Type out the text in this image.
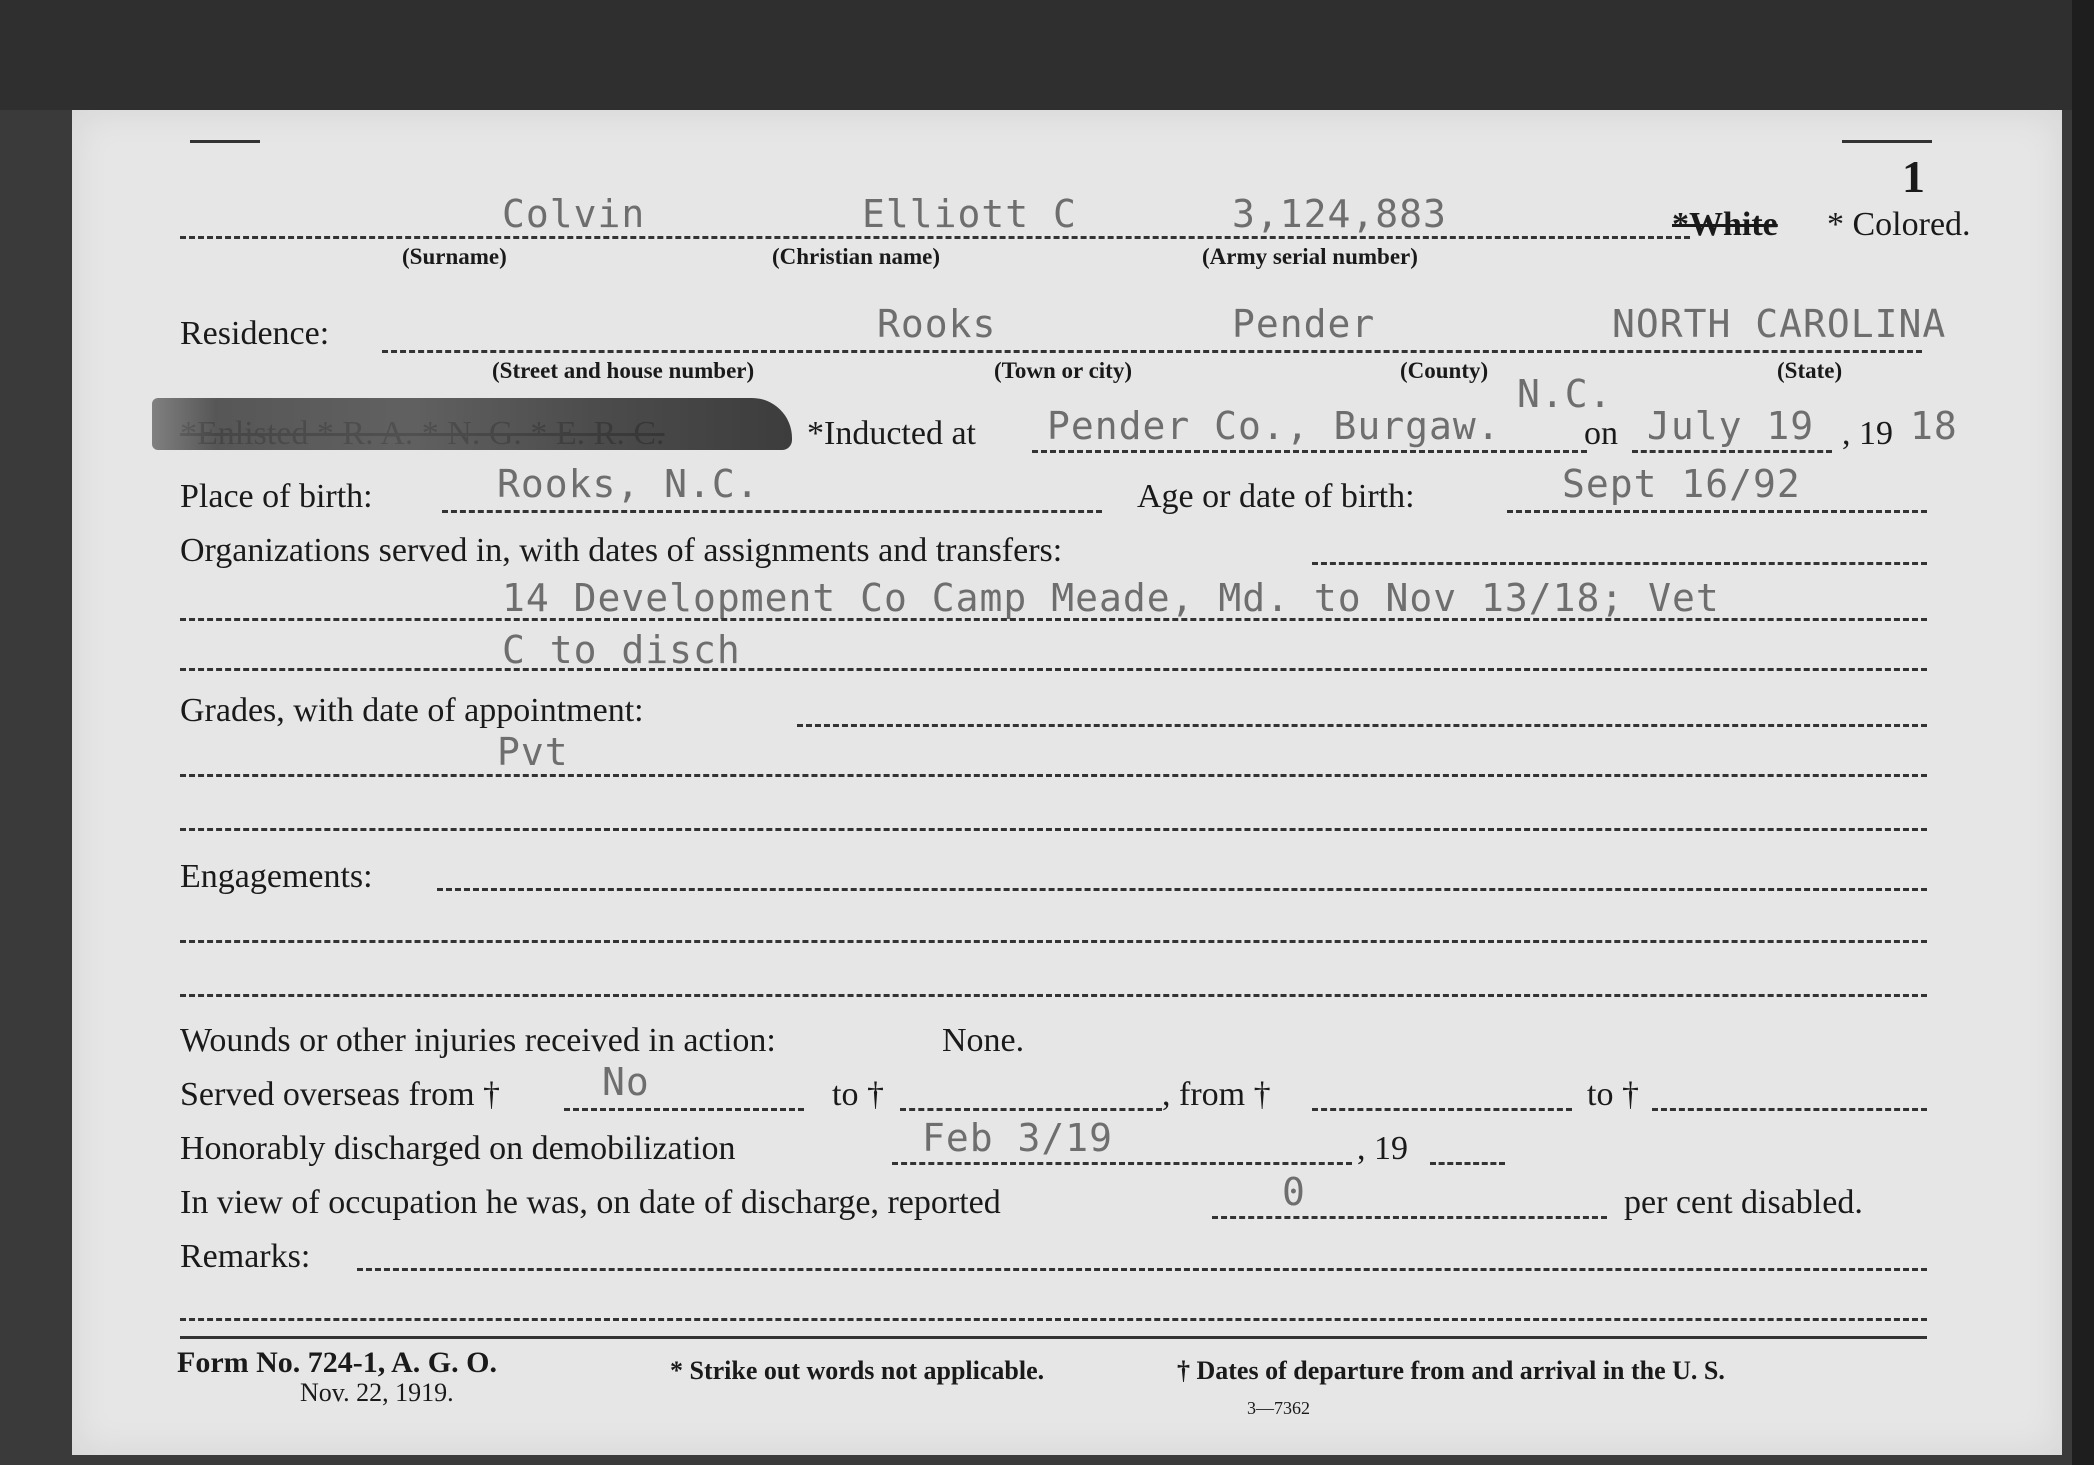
1
Colvin	Elliott C	3,124,883	*White * Colored.
(Surname)	(Christian name)	(Army serial number)
Residence:	Rooks	Pender	NORTH CAROLINA
(Street and house number)	(Town or city)	(County)	(State)
N.C.
*Inducted at Pender Co., Burgaw. on July 19 , 19 18
Place of birth:	Rooks, N.C.	Age or date of birth:	Sept 16/92
Organizations served in, with dates of assignments and transfers:
14 Development Co Camp Meade, Md. to Nov 13/18; Vet
C to disch
Grades, with date of appointment:
Pvt
Engagements:
Wounds or other injuries received in action:	None.
Served overseas from †	No	to †	, from †	to †
Honorably discharged on demobilization	Feb 3/19	, 19
In view of occupation he was, on date of discharge, reported	0	per cent disabled.
Remarks:
Form No. 724-1, A. G. O.
Nov. 22, 1919.
* Strike out words not applicable.	† Dates of departure from and arrival in the U. S.
3—7362
